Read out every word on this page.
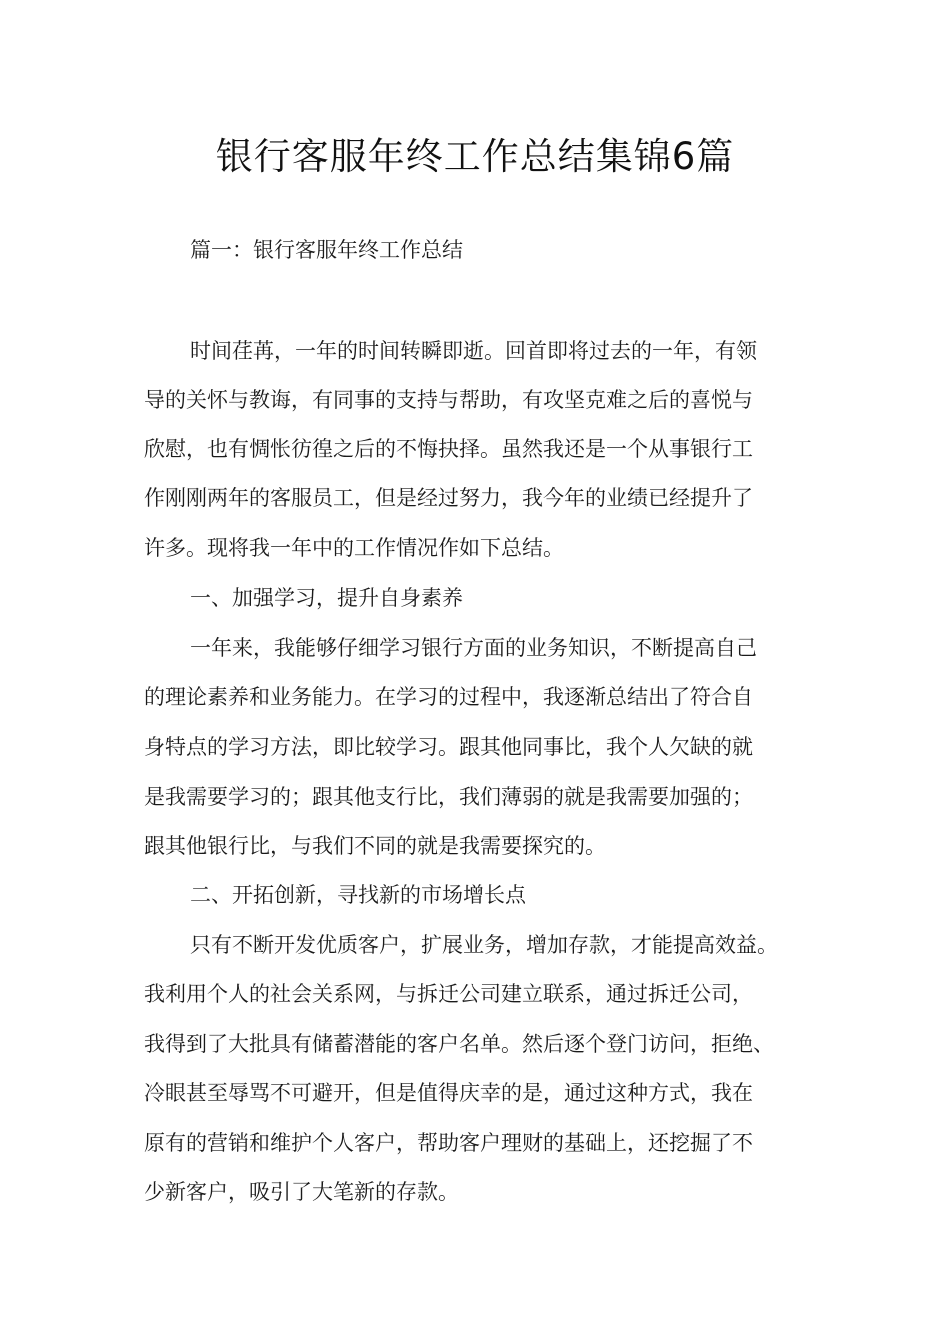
银行客服年终工作总结集锦6篇

篇一：银行客服年终工作总结

时间荏苒，一年的时间转瞬即逝。回首即将过去的一年，有领

导的关怀与教诲，有同事的支持与帮助，有攻坚克难之后的喜悦与

欣慰，也有惆怅彷徨之后的不悔抉择。虽然我还是一个从事银行工

作刚刚两年的客服员工，但是经过努力，我今年的业绩已经提升了

许多。现将我一年中的工作情况作如下总结。

一、加强学习，提升自身素养

一年来，我能够仔细学习银行方面的业务知识，不断提高自己

的理论素养和业务能力。在学习的过程中，我逐渐总结出了符合自

身特点的学习方法，即比较学习。跟其他同事比，我个人欠缺的就

是我需要学习的；跟其他支行比，我们薄弱的就是我需要加强的；

跟其他银行比，与我们不同的就是我需要探究的。

二、开拓创新，寻找新的市场增长点

只有不断开发优质客户，扩展业务，增加存款，才能提高效益。

我利用个人的社会关系网，与拆迁公司建立联系，通过拆迁公司，

我得到了大批具有储蓄潜能的客户名单。然后逐个登门访问，拒绝、

冷眼甚至辱骂不可避开，但是值得庆幸的是，通过这种方式，我在

原有的营销和维护个人客户，帮助客户理财的基础上，还挖掘了不

少新客户，吸引了大笔新的存款。
